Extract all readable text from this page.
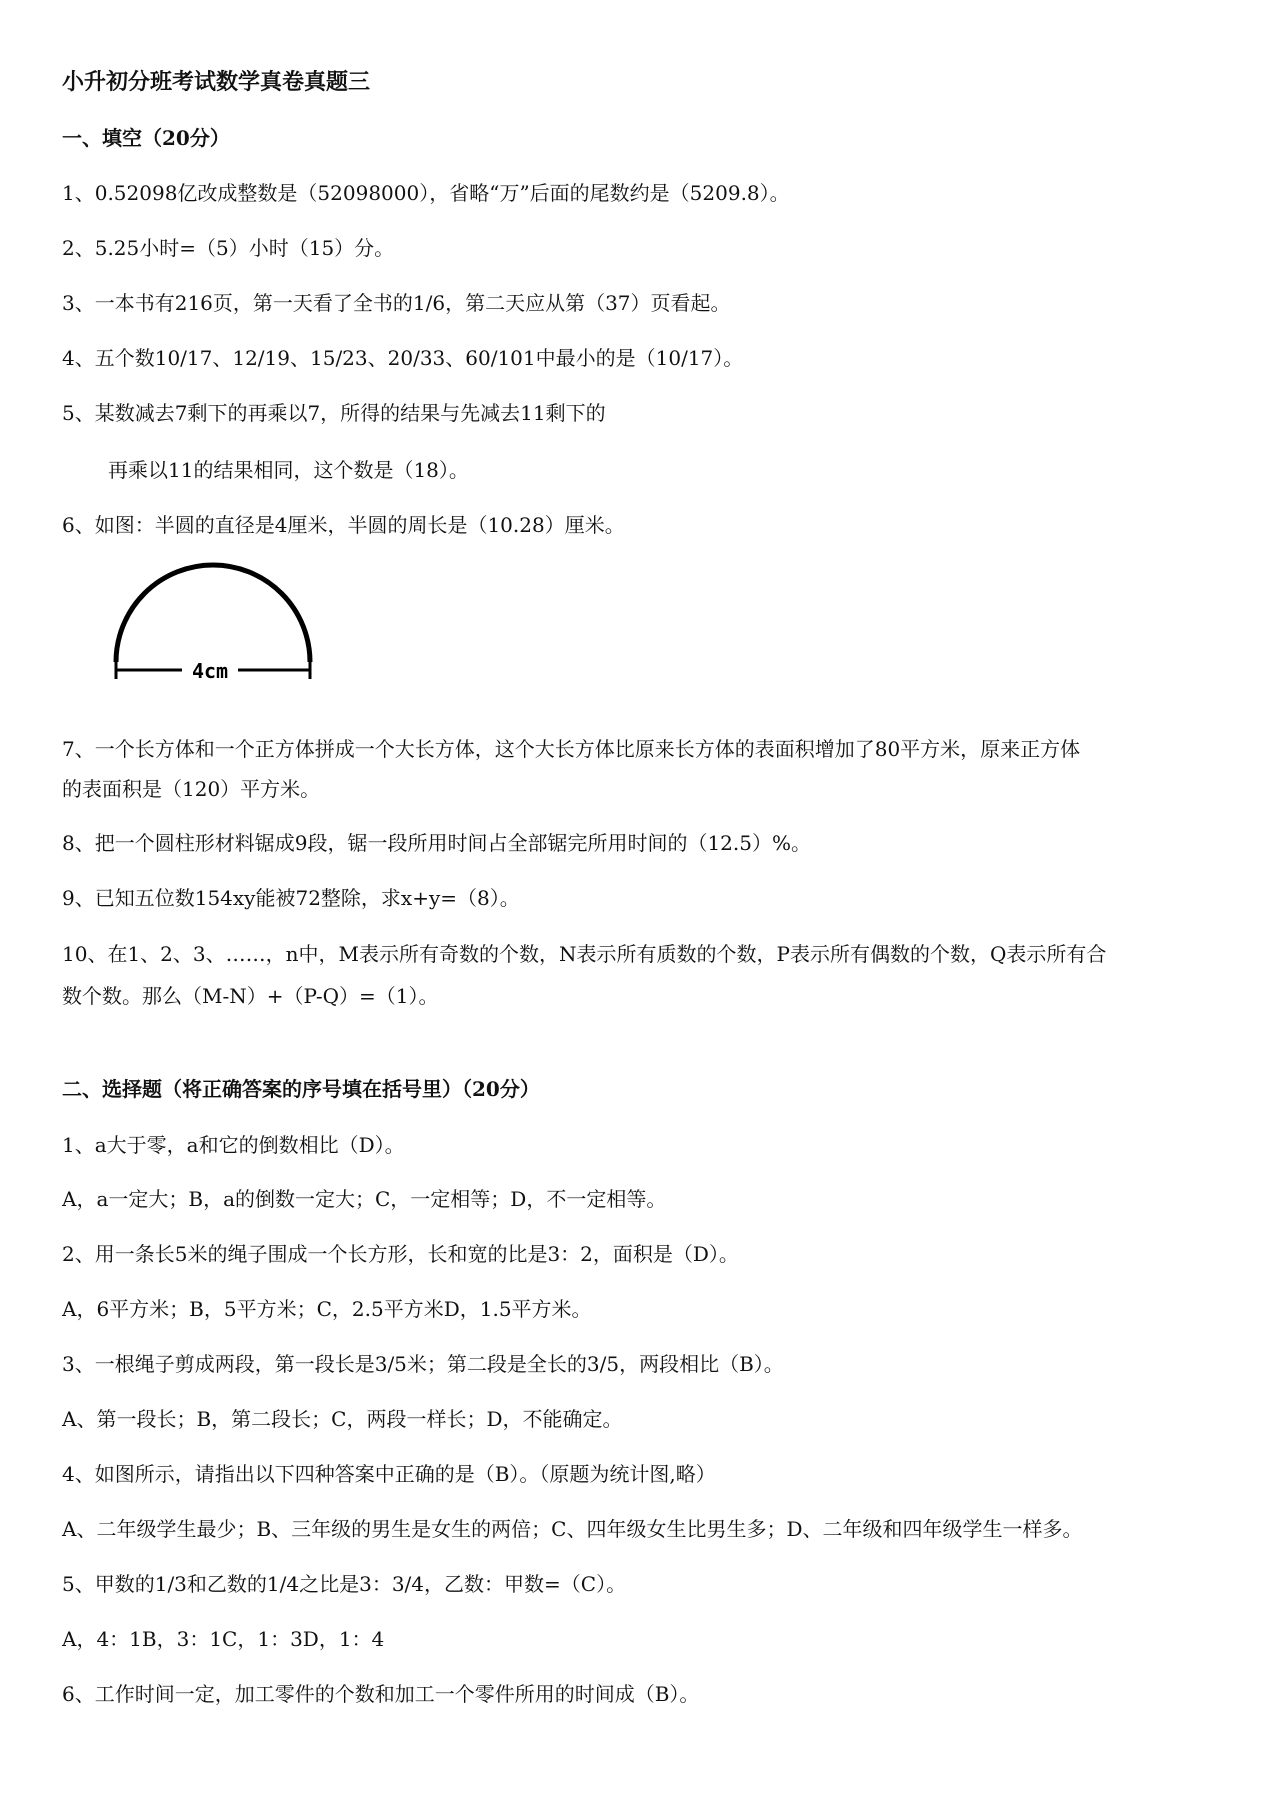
小升初分班考试数学真卷真题三
一、填空（20分）
1、0.52098亿改成整数是（52098000），省略“万”后面的尾数约是（5209.8）。
2、5.25小时=（5）小时（15）分。
3、一本书有216页，第一天看了全书的1/6，第二天应从第（37）页看起。
4、五个数10/17、12/19、15/23、20/33、60/101中最小的是（10/17）。
5、某数减去7剩下的再乘以7，所得的结果与先减去11剩下的
再乘以11的结果相同，这个数是（18）。
6、如图：半圆的直径是4厘米，半圆的周长是（10.28）厘米。
4cm
7、一个长方体和一个正方体拼成一个大长方体，这个大长方体比原来长方体的表面积增加了80平方米，原来正方体
的表面积是（120）平方米。
8、把一个圆柱形材料锯成9段，锯一段所用时间占全部锯完所用时间的（12.5）%。
9、已知五位数154xy能被72整除，求x+y=（8）。
10、在1、2、3、……，n中，M表示所有奇数的个数，N表示所有质数的个数，P表示所有偶数的个数，Q表示所有合
数个数。那么（M-N）+（P-Q）=（1）。
二、选择题（将正确答案的序号填在括号里）（20分）
1、a大于零，a和它的倒数相比（D）。
A，a一定大；B，a的倒数一定大；C，一定相等；D，不一定相等。
2、用一条长5米的绳子围成一个长方形，长和宽的比是3：2，面积是（D）。
A，6平方米；B，5平方米；C，2.5平方米D，1.5平方米。
3、一根绳子剪成两段，第一段长是3/5米；第二段是全长的3/5，两段相比（B）。
A、第一段长；B，第二段长；C，两段一样长；D，不能确定。
4、如图所示，请指出以下四种答案中正确的是（B）。（原题为统计图,略）
A、二年级学生最少；B、三年级的男生是女生的两倍；C、四年级女生比男生多；D、二年级和四年级学生一样多。
5、甲数的1/3和乙数的1/4之比是3：3/4，乙数：甲数=（C）。
A，4：1B，3：1C，1：3D，1：4
6、工作时间一定，加工零件的个数和加工一个零件所用的时间成（B）。
